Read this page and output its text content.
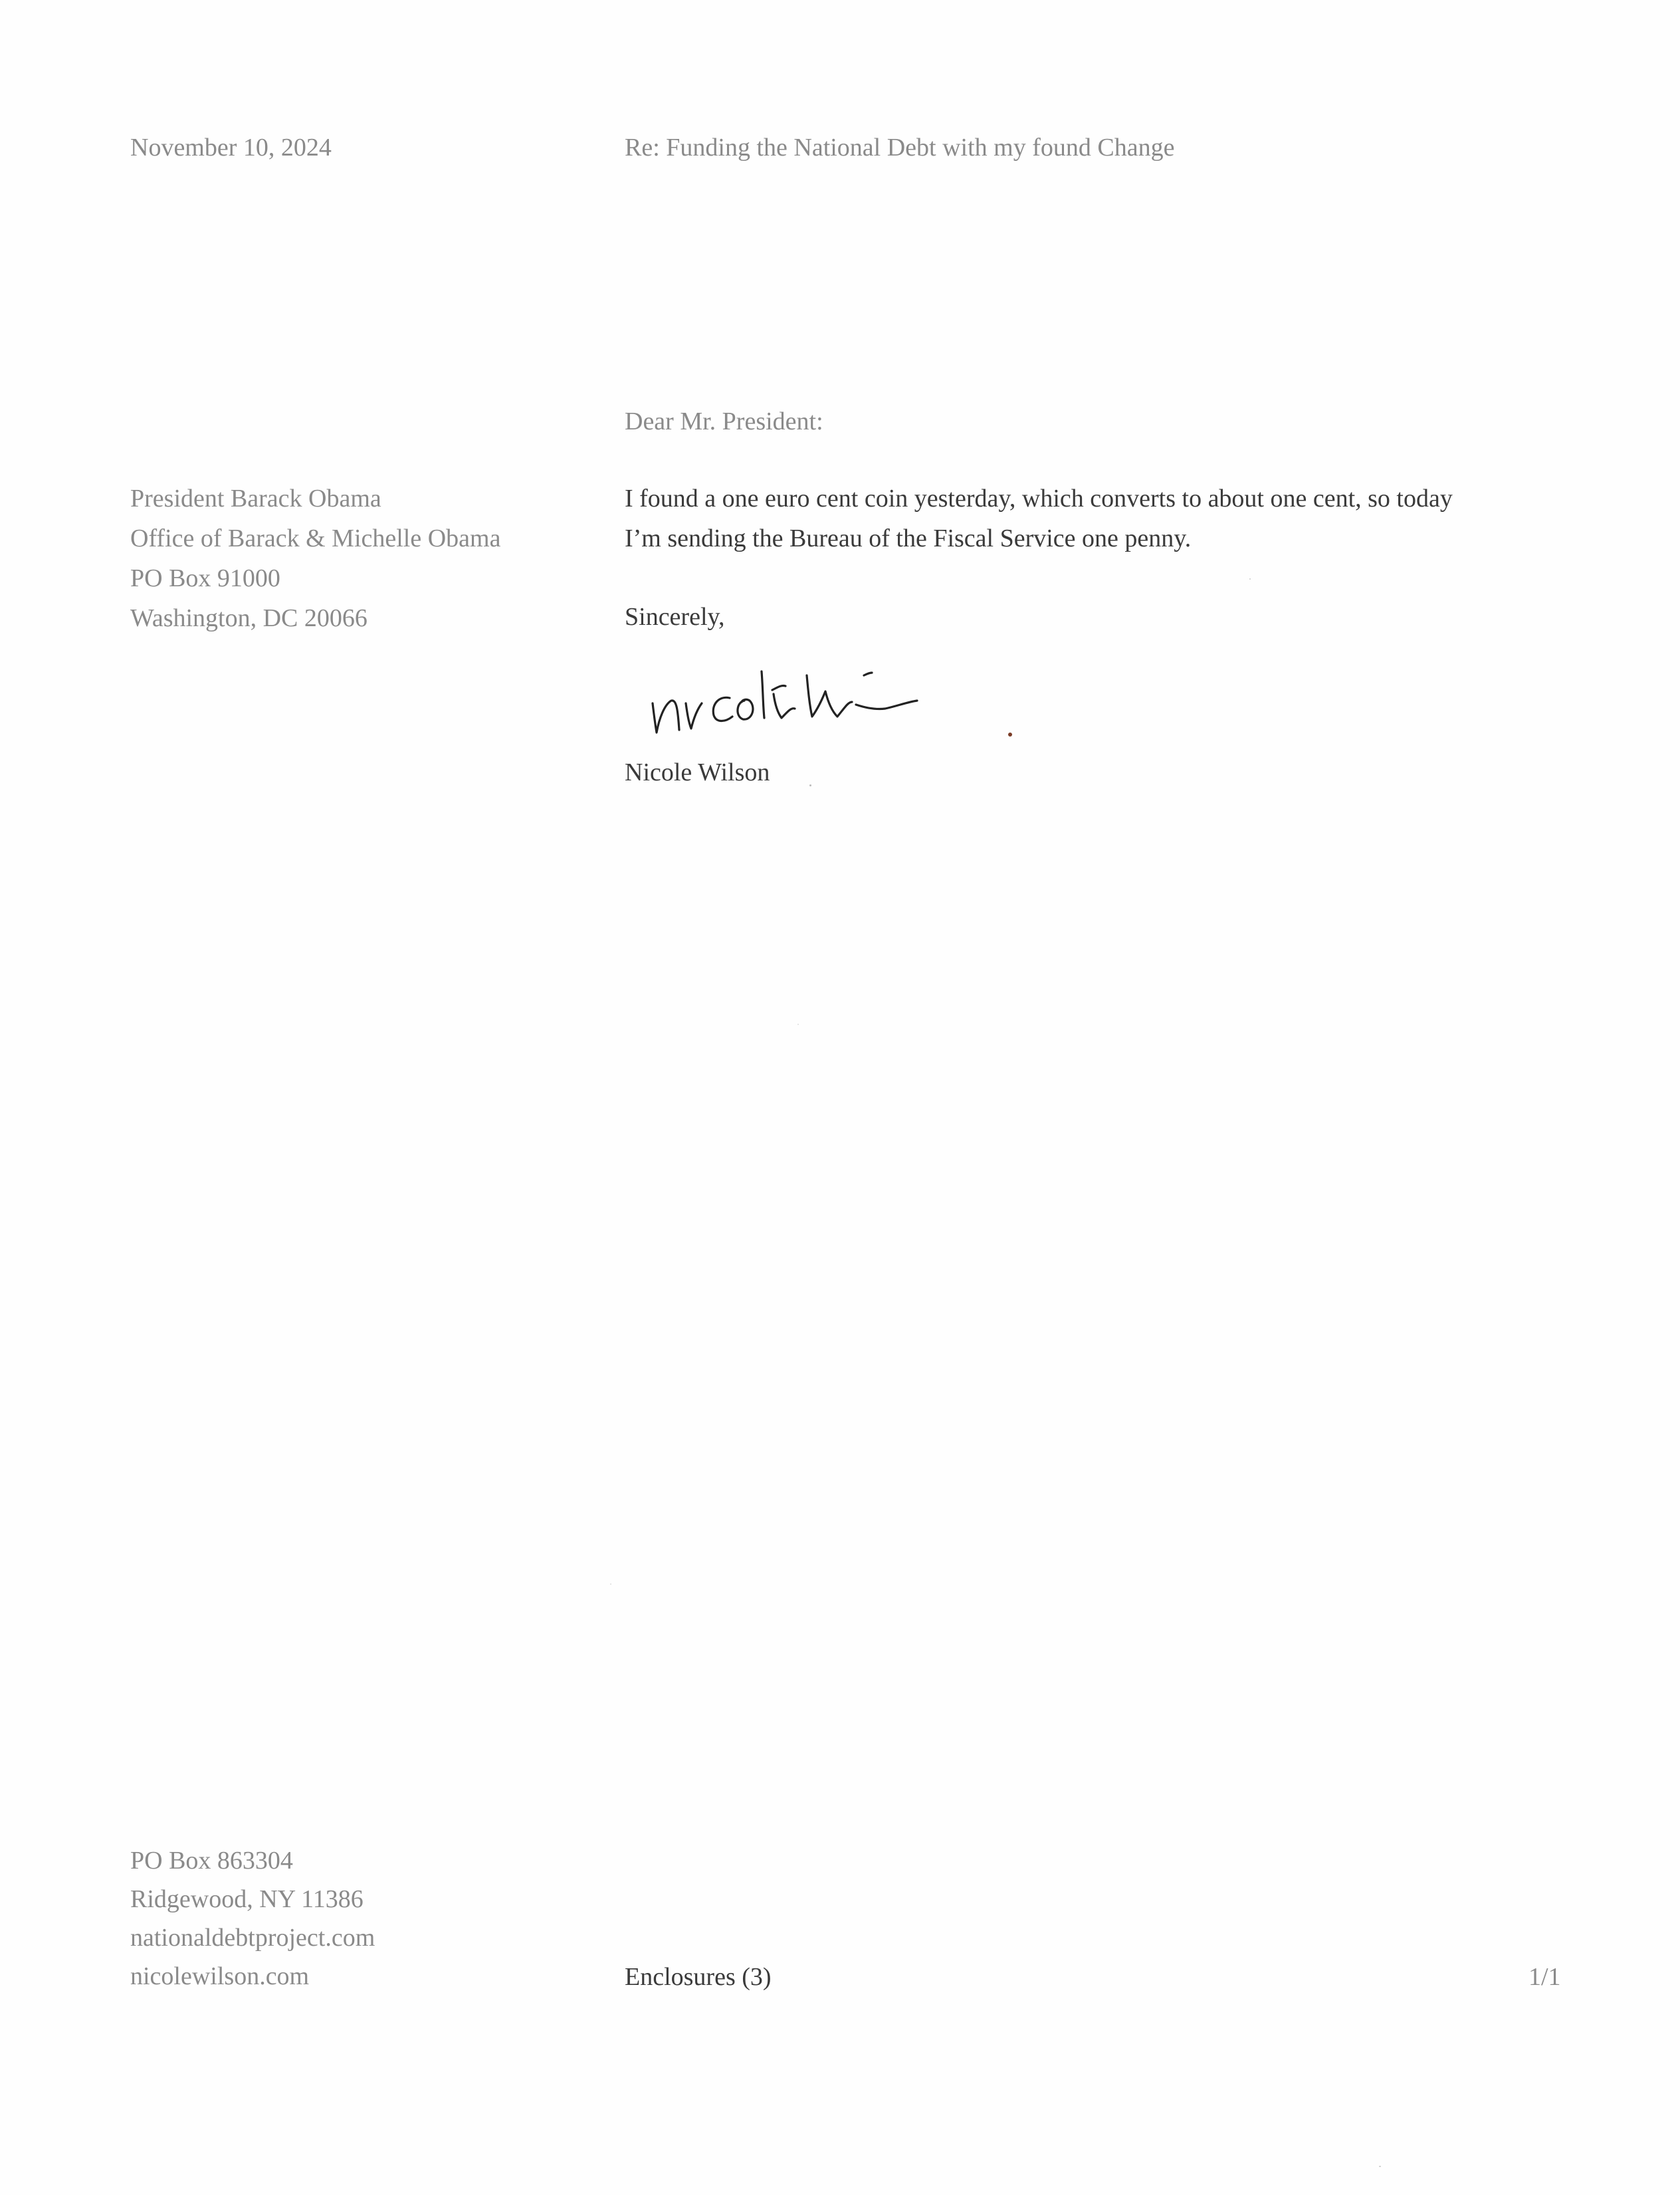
November 10, 2024	Re: Funding the National Debt with my found Change
Dear Mr. President:
President Barack Obama
Office of Barack & Michelle Obama
PO Box 91000
Washington, DC 20066
I found a one euro cent coin yesterday, which converts to about one cent, so today
I’m sending the Bureau of the Fiscal Service one penny.
Sincerely,
Nicole Wilson
PO Box 863304
Ridgewood, NY 11386
nationaldebtproject.com
nicolewilson.com	Enclosures (3)	1/1
